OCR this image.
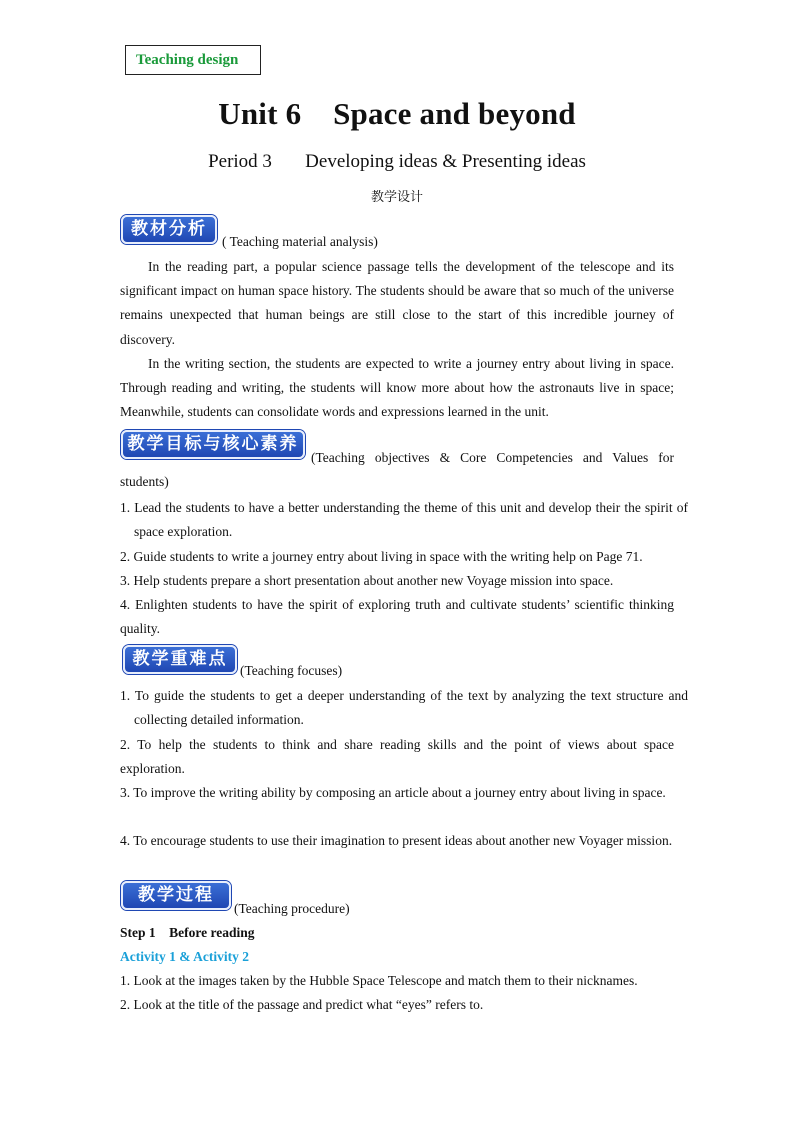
Teaching design
Unit 6    Space and beyond
Period 3       Developing ideas & Presenting ideas
教学设计
教材分析
( Teaching material analysis)
In the reading part, a popular science passage tells the development of the telescope and its significant impact on human space history. The students should be aware that so much of the universe remains unexpected that human beings are still close to the start of this incredible journey of discovery.
In the writing section, the students are expected to write a journey entry about living in space. Through reading and writing, the students will know more about how the astronauts live in space; Meanwhile, students can consolidate words and expressions learned in the unit.
教学目标与核心素养
(Teaching objectives & Core Competencies and Values for
students)
1. Lead the students to have a better understanding the theme of this unit and develop their the spirit of space exploration.
2. Guide students to write a journey entry about living in space with the writing help on Page 71.
3. Help students prepare a short presentation about another new Voyage mission into space.
4. Enlighten students to have the spirit of exploring truth and cultivate students’ scientific thinking quality.
教学重难点
(Teaching focuses)
1. To guide the students to get a deeper understanding of the text by analyzing the text structure and collecting detailed information.
2. To help the students to think and share reading skills and the point of views about space exploration.
3. To improve the writing ability by composing an article about a journey entry about living in space.
4. To encourage students to use their imagination to present ideas about another new Voyager mission.
教学过程
(Teaching procedure)
Step 1    Before reading
Activity 1 & Activity 2
1. Look at the images taken by the Hubble Space Telescope and match them to their nicknames.
2. Look at the title of the passage and predict what “eyes” refers to.
